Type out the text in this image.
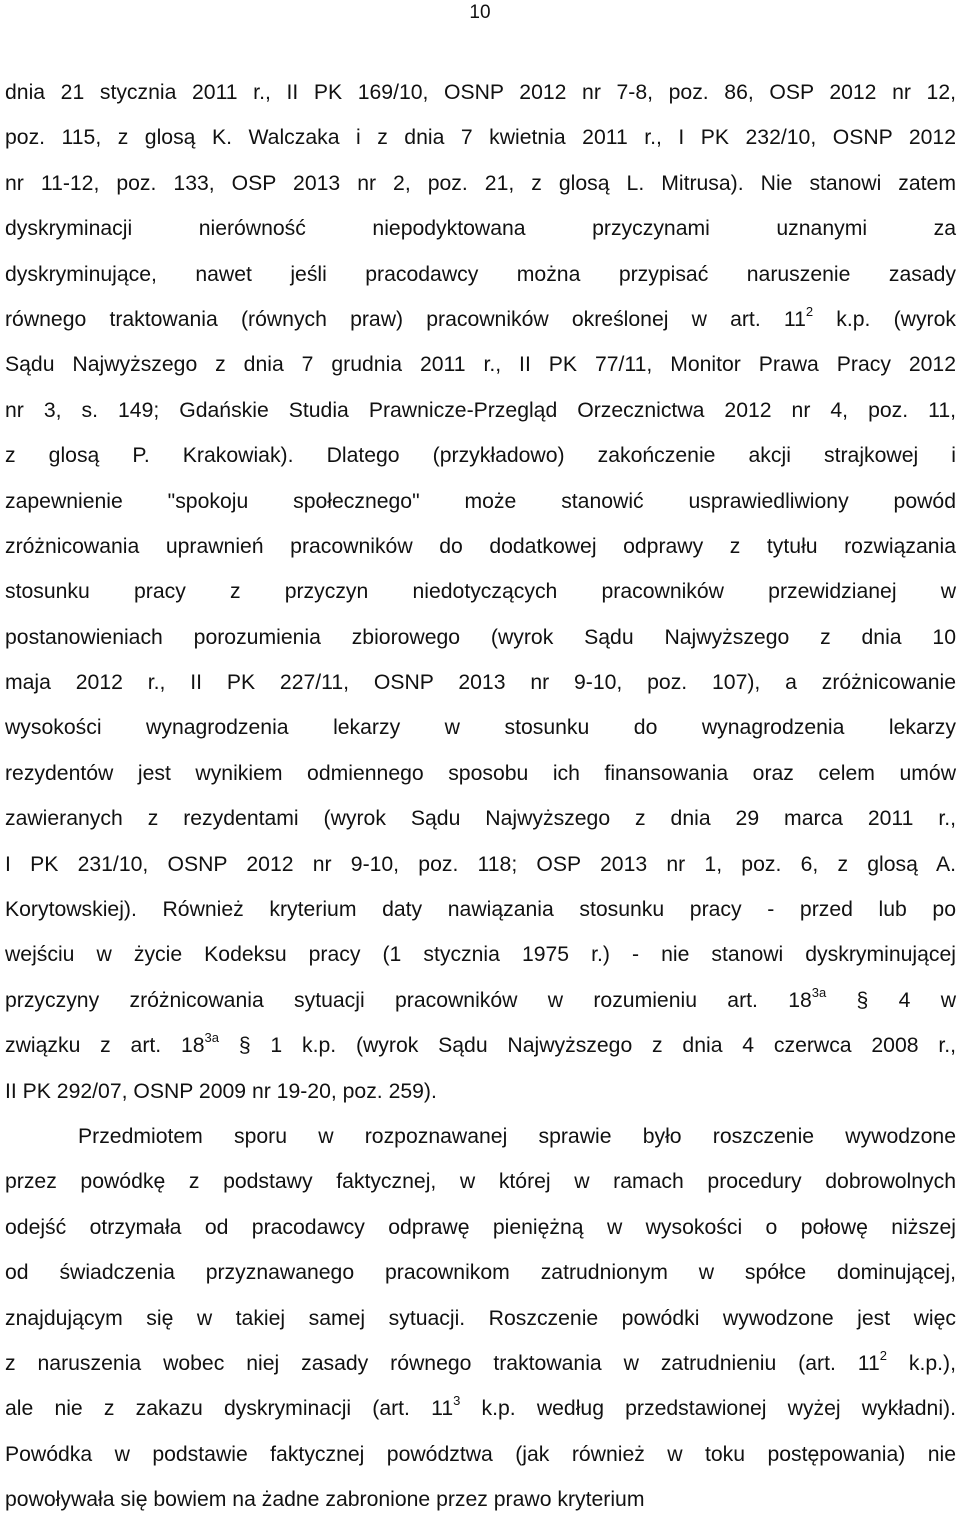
10
dnia 21 stycznia 2011 r., II PK 169/10, OSNP 2012 nr 7-8, poz. 86, OSP 2012 nr 12,
poz. 115, z glosą K. Walczaka i z dnia 7 kwietnia 2011 r., I PK 232/10, OSNP 2012
nr 11-12, poz. 133, OSP 2013 nr 2, poz. 21, z glosą L. Mitrusa). Nie stanowi zatem
dyskryminacji nierówność niepodyktowana przyczynami uznanymi za
dyskryminujące, nawet jeśli pracodawcy można przypisać naruszenie zasady
równego traktowania (równych praw) pracowników określonej w art. $11^2$ k.p. (wyrok
Sądu Najwyższego z dnia 7 grudnia 2011 r., II PK 77/11, Monitor Prawa Pracy 2012
nr 3, s. 149; Gdańskie Studia Prawnicze-Przegląd Orzecznictwa 2012 nr 4, poz. 11,
z glosą P. Krakowiak). Dlatego (przykładowo) zakończenie akcji strajkowej i
zapewnienie "spokoju społecznego" może stanowić usprawiedliwiony powód
zróżnicowania uprawnień pracowników do dodatkowej odprawy z tytułu rozwiązania
stosunku pracy z przyczyn niedotyczących pracowników przewidzianej w
postanowieniach porozumienia zbiorowego (wyrok Sądu Najwyższego z dnia 10
maja 2012 r., II PK 227/11, OSNP 2013 nr 9-10, poz. 107), a zróżnicowanie
wysokości wynagrodzenia lekarzy w stosunku do wynagrodzenia lekarzy
rezydentów jest wynikiem odmiennego sposobu ich finansowania oraz celem umów
zawieranych z rezydentami (wyrok Sądu Najwyższego z dnia 29 marca 2011 r.,
I PK 231/10, OSNP 2012 nr 9-10, poz. 118; OSP 2013 nr 1, poz. 6, z glosą A.
Korytowskiej). Również kryterium daty nawiązania stosunku pracy - przed lub po
wejściu w życie Kodeksu pracy (1 stycznia 1975 r.) - nie stanowi dyskryminującej
przyczyny zróżnicowania sytuacji pracowników w rozumieniu art. $18^{3a}$ § 4 w
związku z art. $18^{3a}$ § 1 k.p. (wyrok Sądu Najwyższego z dnia 4 czerwca 2008 r.,
II PK 292/07, OSNP 2009 nr 19-20, poz. 259).
Przedmiotem sporu w rozpoznawanej sprawie było roszczenie wywodzone
przez powódkę z podstawy faktycznej, w której w ramach procedury dobrowolnych
odejść otrzymała od pracodawcy odprawę pieniężną w wysokości o połowę niższej
od świadczenia przyznawanego pracownikom zatrudnionym w spółce dominującej,
znajdującym się w takiej samej sytuacji. Roszczenie powódki wywodzone jest więc
z naruszenia wobec niej zasady równego traktowania w zatrudnieniu (art. $11^2$ k.p.),
ale nie z zakazu dyskryminacji (art. $11^3$ k.p. według przedstawionej wyżej wykładni).
Powódka w podstawie faktycznej powództwa (jak również w toku postępowania) nie
powoływała się bowiem na żadne zabronione przez prawo kryterium
